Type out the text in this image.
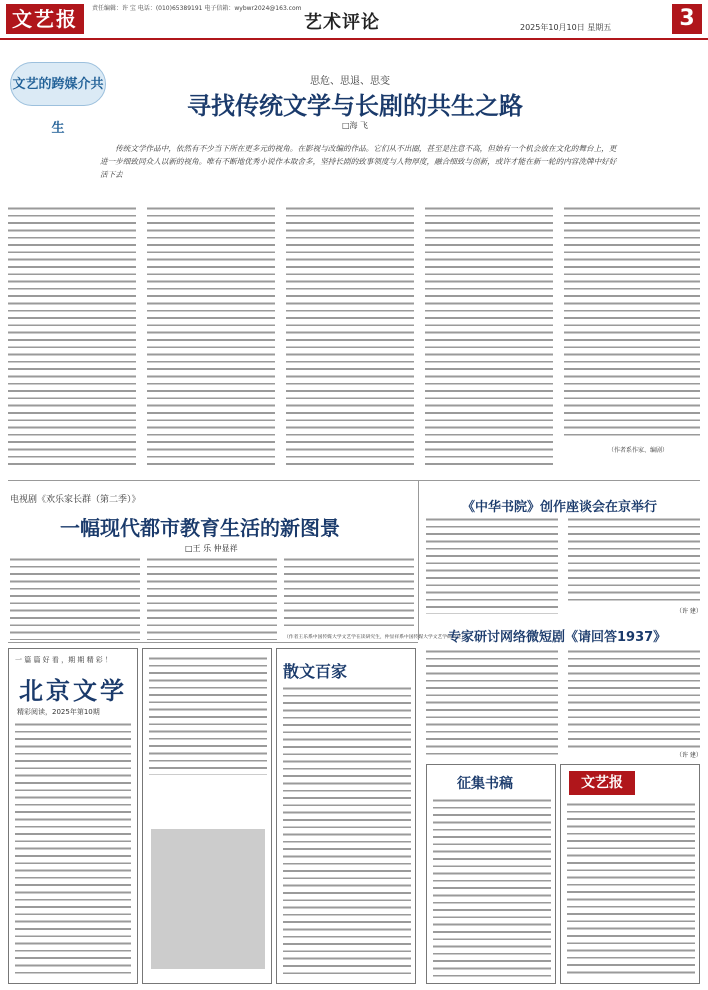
文艺报	责任编辑：许 宝 电话：(010)65389191 电子信箱：wybwr2024@163.com
艺术评论	2025年10月10日 星期五	3
文艺的跨媒介共生
思危、思退、思变
寻找传统文学与长剧的共生之路
□海 飞
传统文学作品中，依然有不少当下所在更多元的视角。在影视与改编的作品。它们从不出圈，甚至是注意不高，但始有一个机会放在文化的舞台上，更进一步细致同众人以新的视角。唯有不断地优秀小说作本取舍多，坚持长剧的致事领度与人物厚度，融合细致与创新，或许才能在新一轮的内容洗牌中好好活下去
（作者系作家、编剧）
电视剧《欢乐家长群（第二季）》
一幅现代都市教育生活的新图景
□王 乐 仲显祥
（作者王乐系中国传媒大学文艺学在读研究生，仲显祥系中国传媒大学文艺学研究生）
《中华书院》创作座谈会在京举行
（许 建）
专家研讨网络微短剧《请回答1937》
一 篇 篇 好 看 ，期 期 精 彩 ！
北京文学
精彩阅读，2025年第10期
散文百家
（许 建）
征集书稿	文艺报
